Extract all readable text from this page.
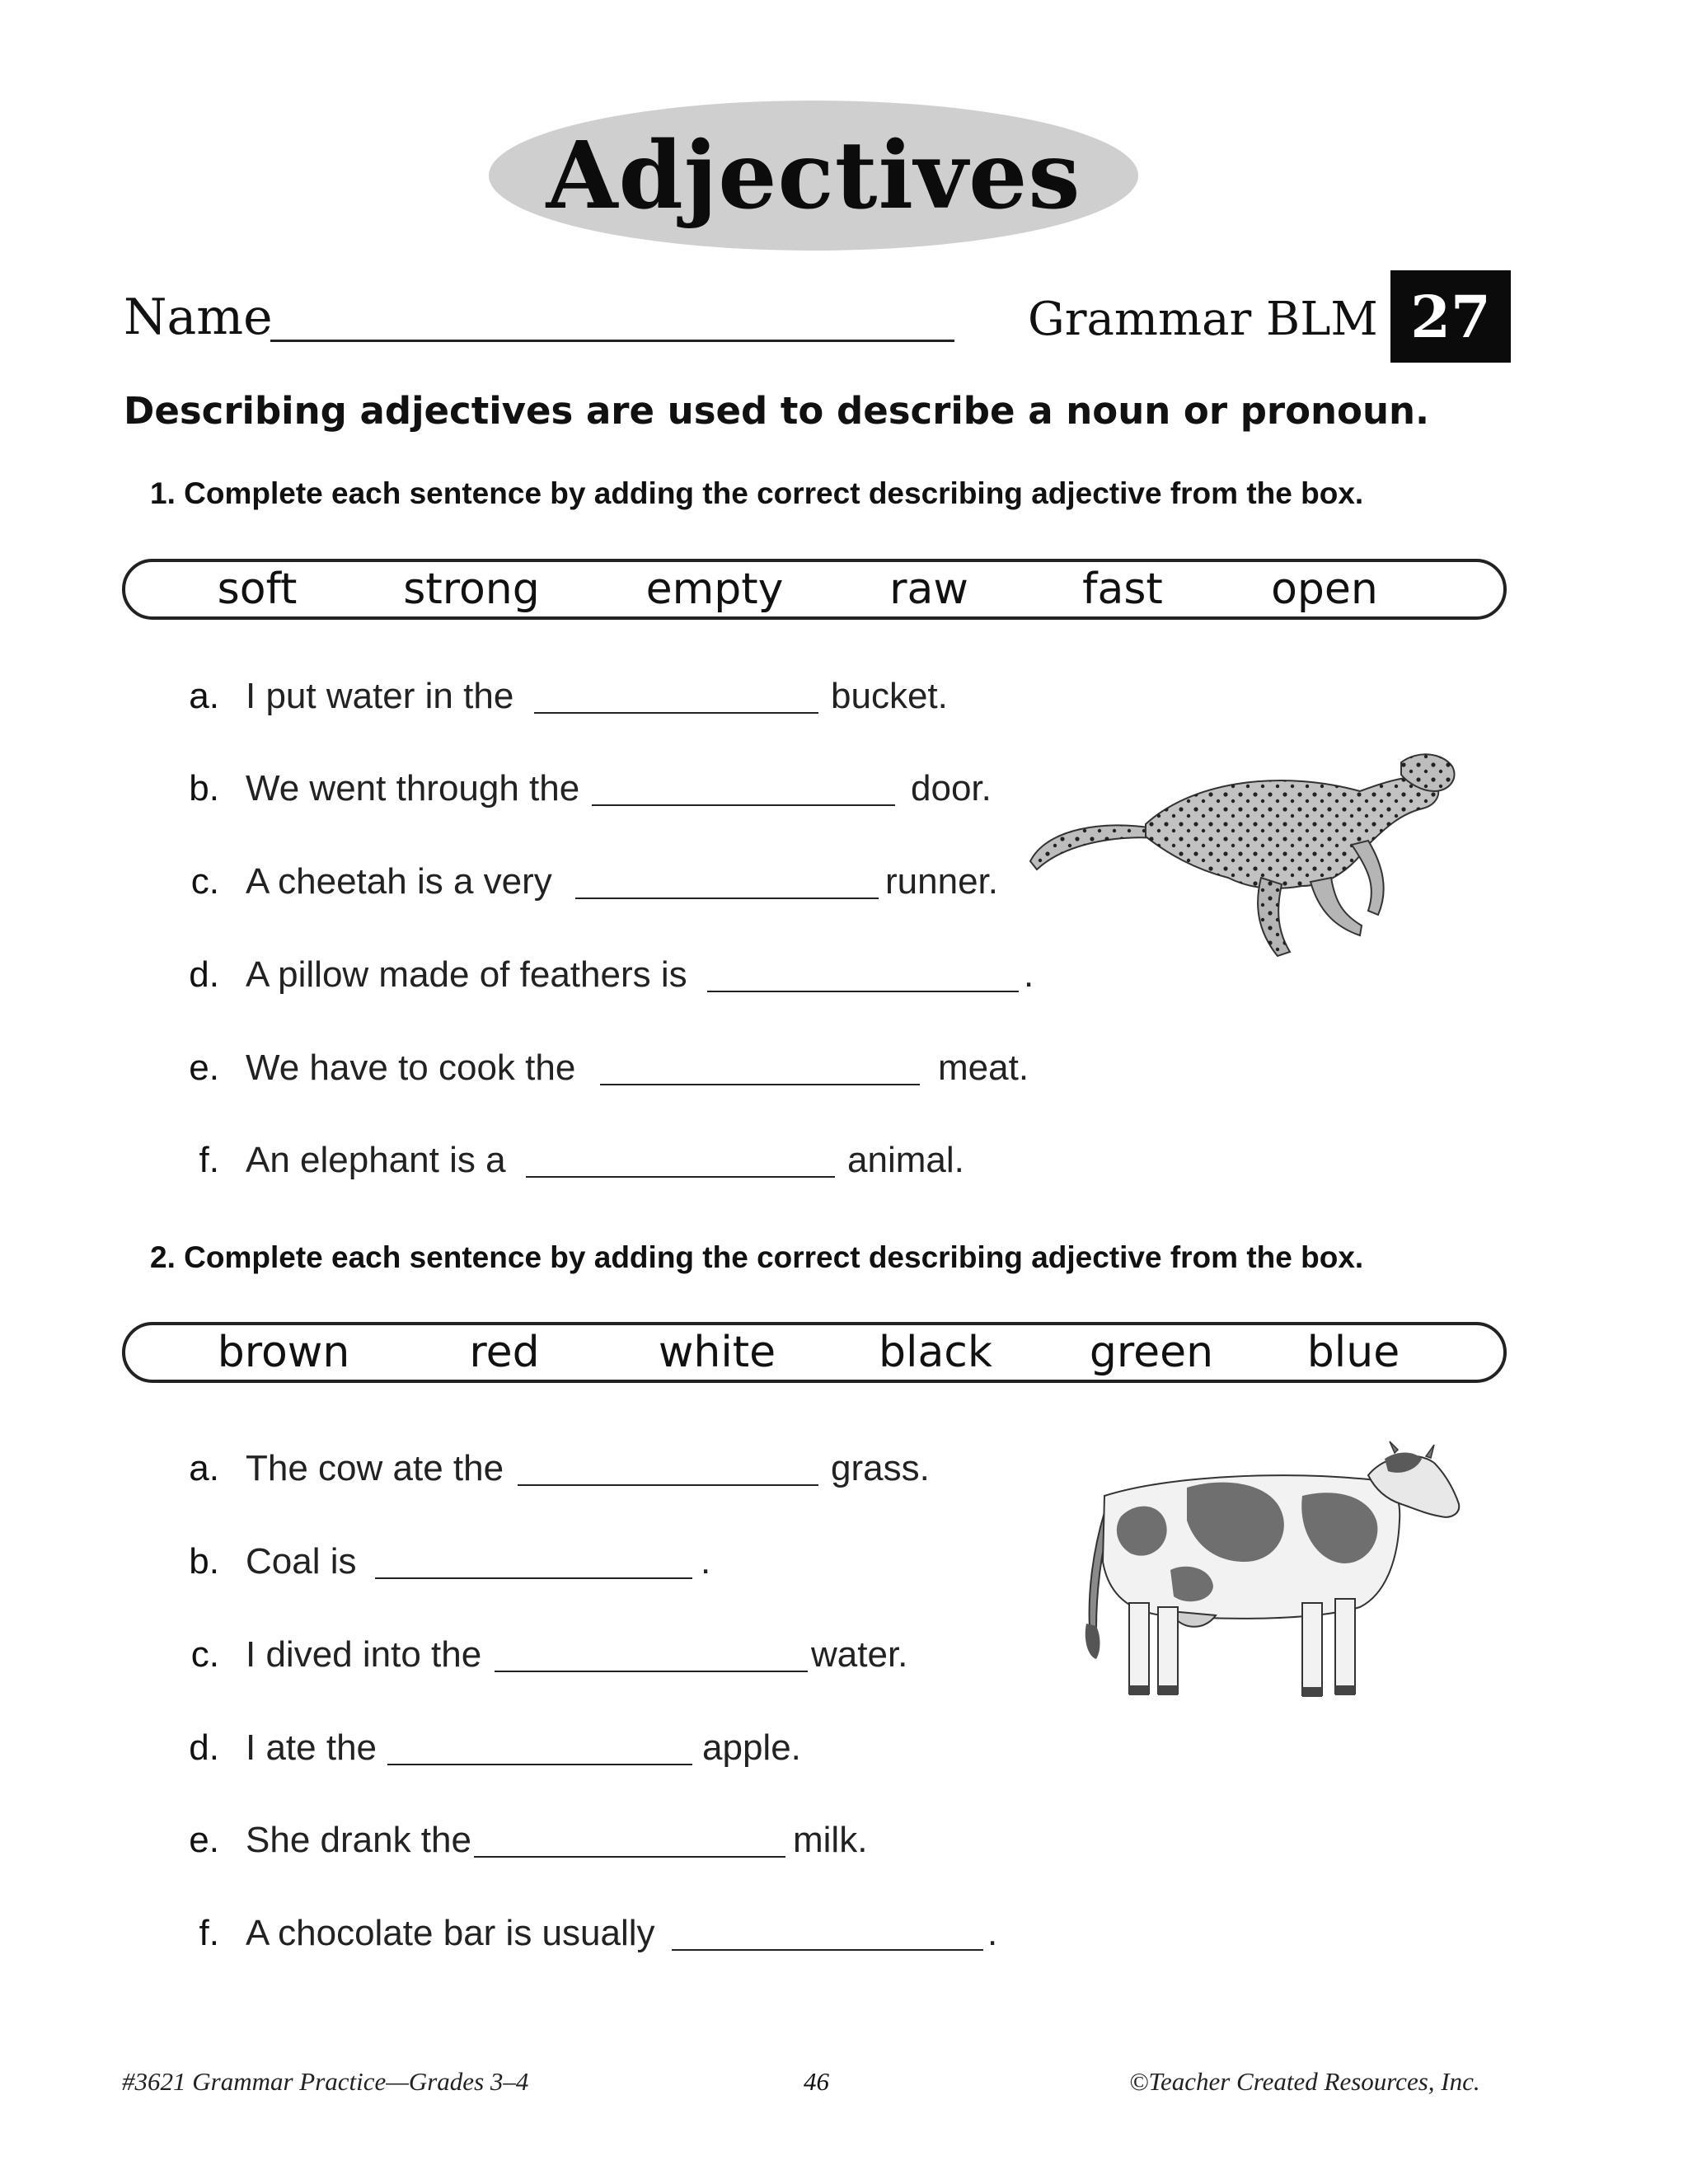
Adjectives
Name	Grammar BLM 27
Describing adjectives are used to describe a noun or pronoun.
1. Complete each sentence by adding the correct describing adjective from the box.
soft strong empty raw	fast	open
a. I put water in the	bucket.
b. We went through the	door.
c. A cheetah is a very	runner.
d. A pillow made of feathers is	.
e. We have to cook the	meat.
f. An elephant is a	animal.
2. Complete each sentence by adding the correct describing adjective from the box.
brown	red	white black green blue
a. The cow ate the	grass.
b. Coal is	.
c. I dived into the	water.
d. I ate the	apple.
e. She drank the	milk.
f. A chocolate bar is usually	.
#3621 Grammar Practice—Grades 3–4	46	©Teacher Created Resources, Inc.
